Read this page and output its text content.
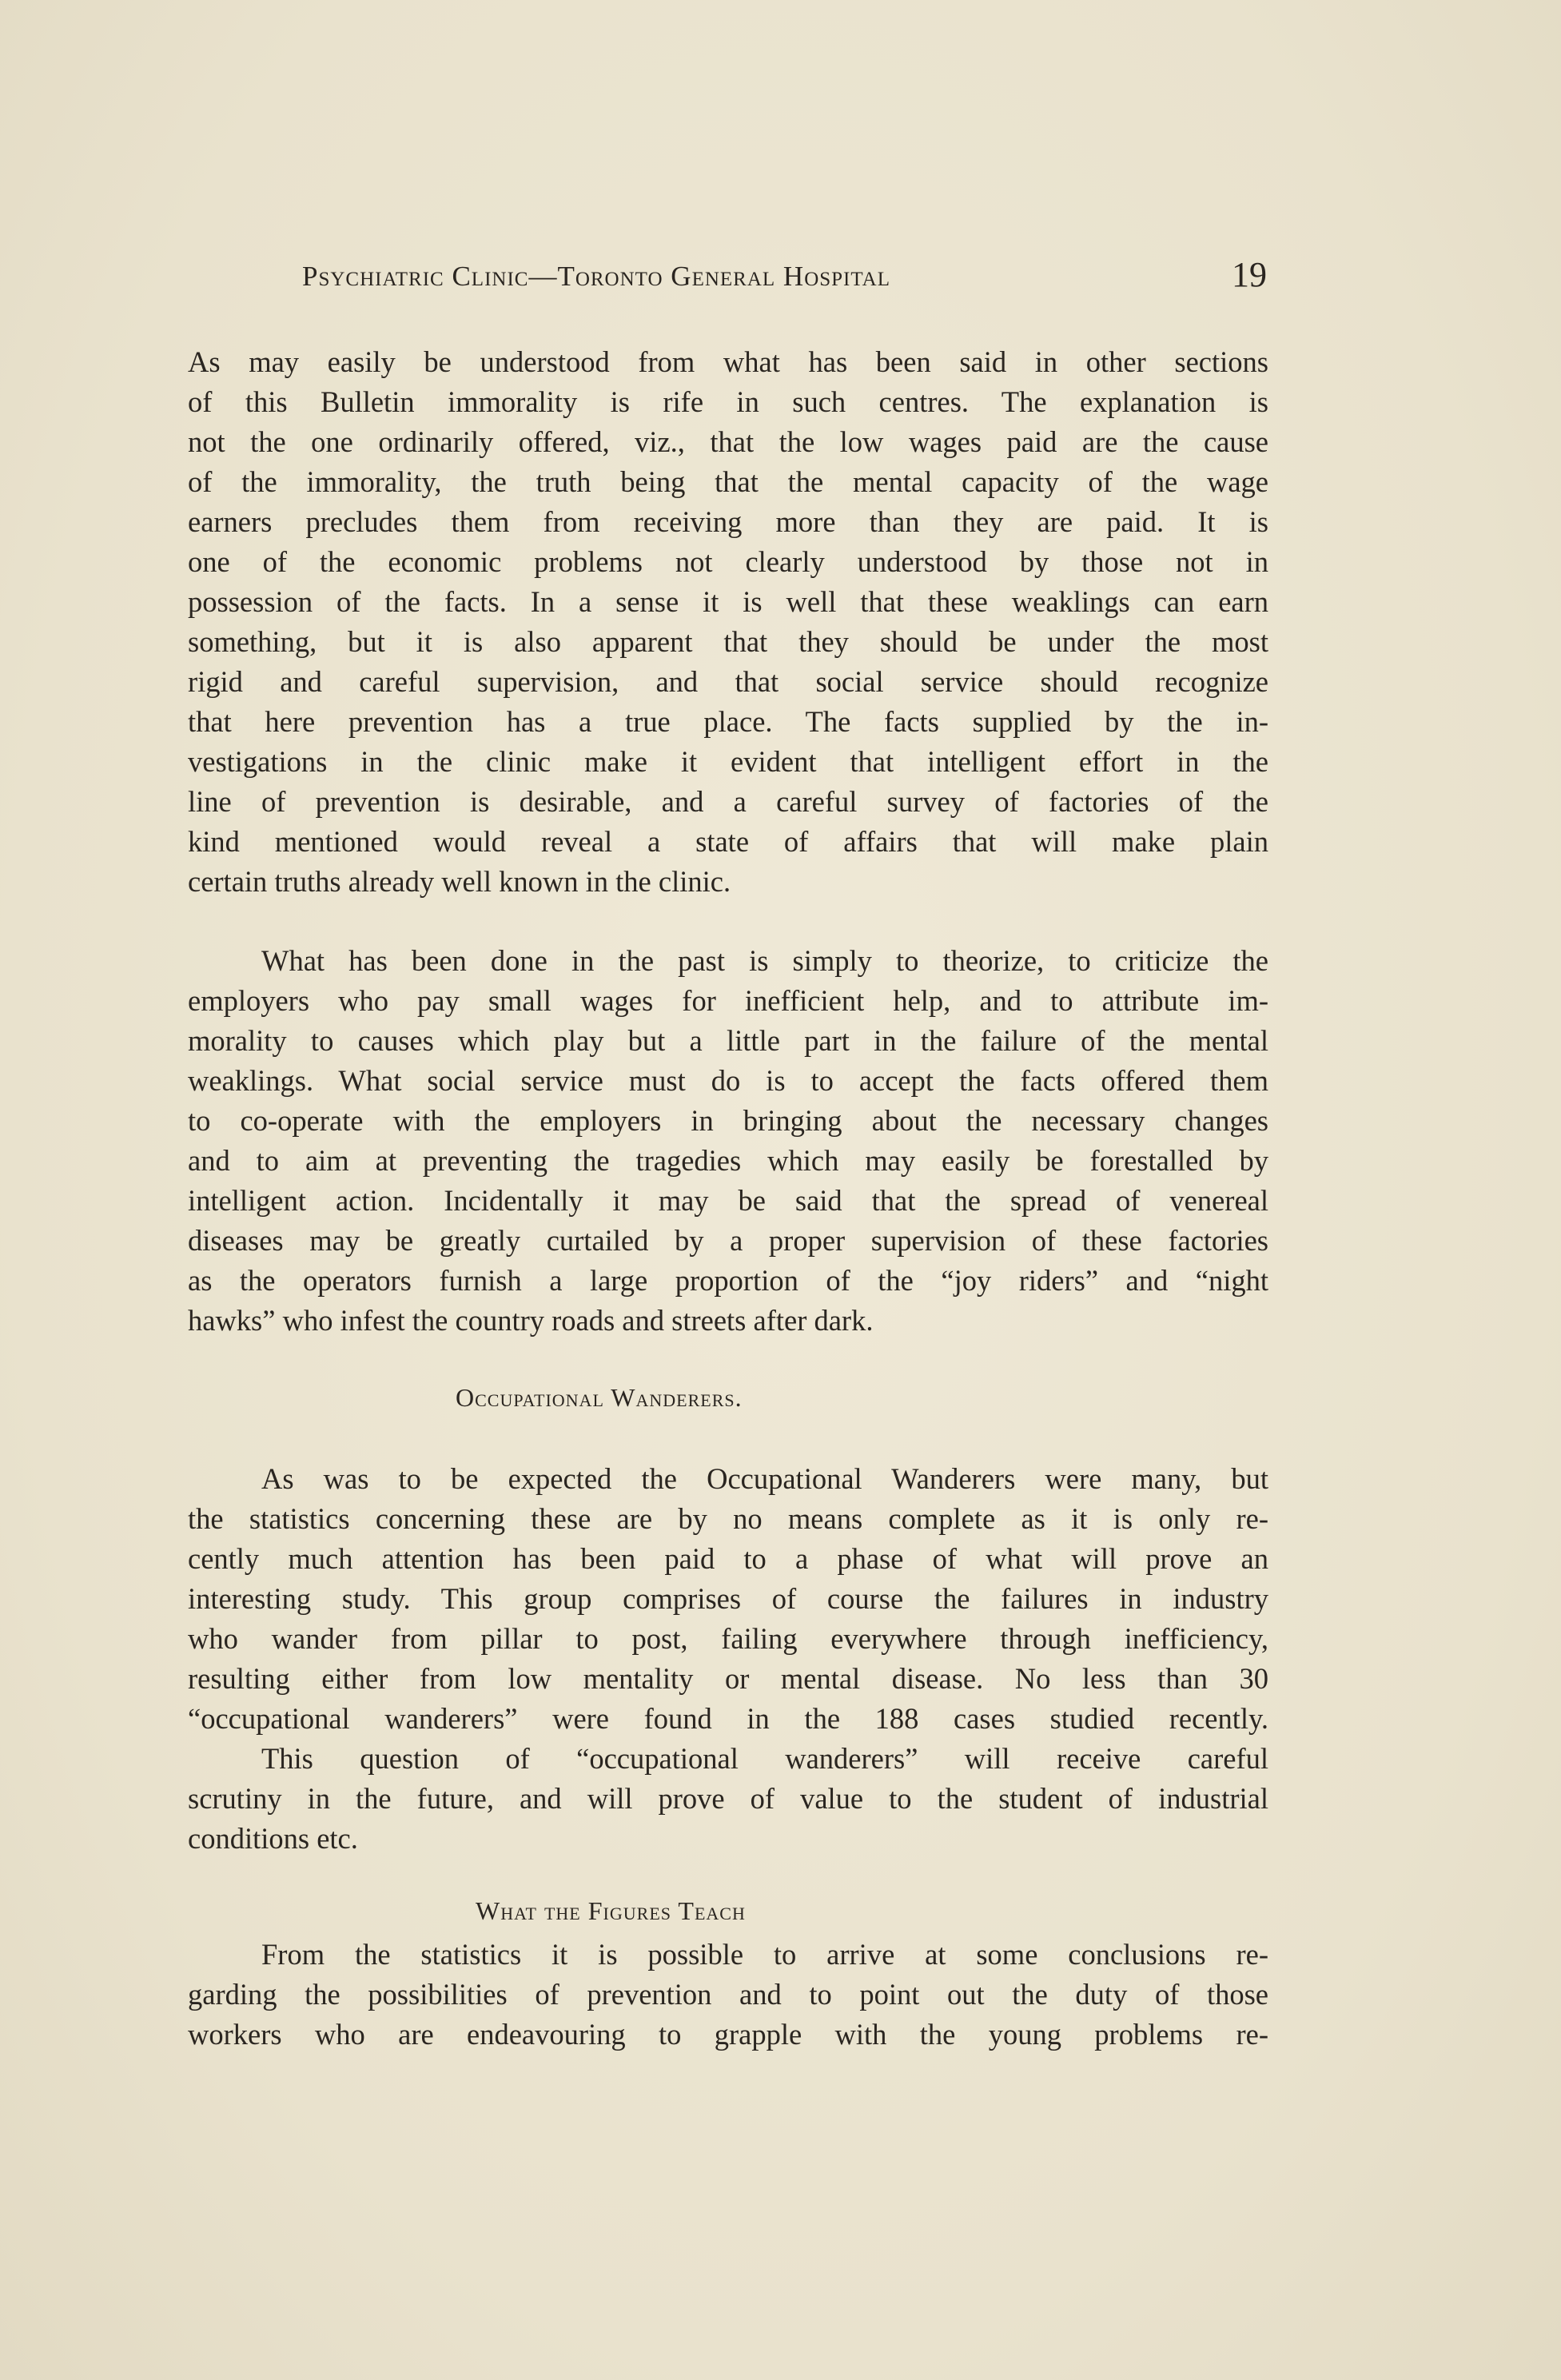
Psychiatric Clinic—Toronto General Hospital	19

As may easily be understood from what has been said in other sections
of this Bulletin immorality is rife in such centres. The explanation is
not the one ordinarily offered, viz., that the low wages paid are the cause
of the immorality, the truth being that the mental capacity of the wage
earners precludes them from receiving more than they are paid. It is
one of the economic problems not clearly understood by those not in
possession of the facts. In a sense it is well that these weaklings can earn
something, but it is also apparent that they should be under the most
rigid and careful supervision, and that social service should recognize
that here prevention has a true place. The facts supplied by the in-
vestigations in the clinic make it evident that intelligent effort in the
line of prevention is desirable, and a careful survey of factories of the
kind mentioned would reveal a state of affairs that will make plain
certain truths already well known in the clinic.

What has been done in the past is simply to theorize, to criticize the
employers who pay small wages for inefficient help, and to attribute im-
morality to causes which play but a little part in the failure of the mental
weaklings. What social service must do is to accept the facts offered them
to co-operate with the employers in bringing about the necessary changes
and to aim at preventing the tragedies which may easily be forestalled by
intelligent action. Incidentally it may be said that the spread of venereal
diseases may be greatly curtailed by a proper supervision of these factories
as the operators furnish a large proportion of the “joy riders” and “night
hawks” who infest the country roads and streets after dark.

Occupational Wanderers.

As was to be expected the Occupational Wanderers were many, but
the statistics concerning these are by no means complete as it is only re-
cently much attention has been paid to a phase of what will prove an
interesting study. This group comprises of course the failures in industry
who wander from pillar to post, failing everywhere through inefficiency,
resulting either from low mentality or mental disease. No less than 30
“occupational wanderers” were found in the 188 cases studied recently.

This question of “occupational wanderers” will receive careful
scrutiny in the future, and will prove of value to the student of industrial
conditions etc.

What the Figures Teach

From the statistics it is possible to arrive at some conclusions re-
garding the possibilities of prevention and to point out the duty of those
workers who are endeavouring to grapple with the young problems re-
